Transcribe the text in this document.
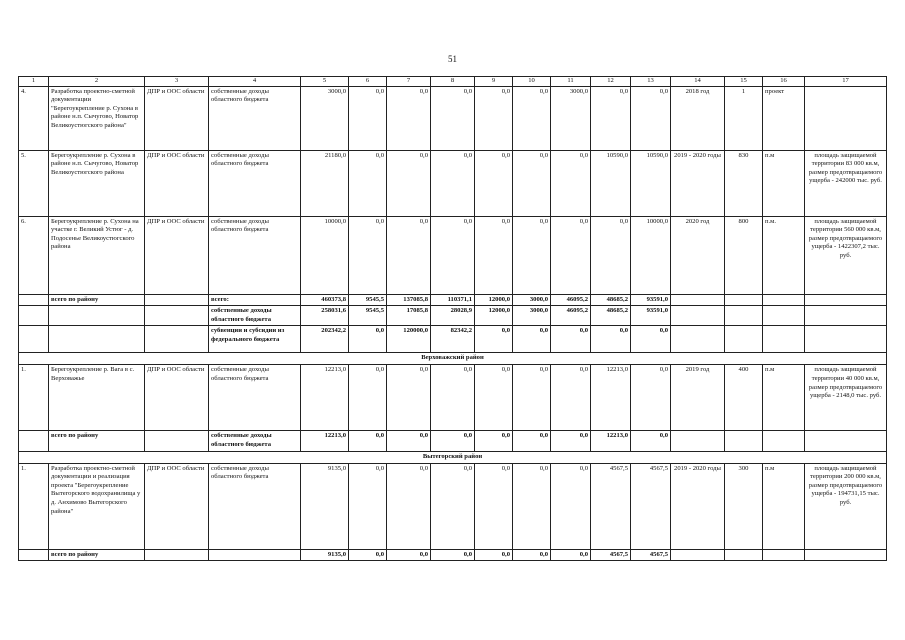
51
1	2	3	4	5	6	7	8	9	10	11	12	13	14	15	16	17
4.	Разработка проектно-сметной документации "Берегоукрепление р. Сухона в районе н.п. Сычугово, Новатор Великоустюгского района"	ДПР и ООС области	собственные доходы областного бюджета	3000,0	0,0	0,0	0,0	0,0	0,0	3000,0	0,0	0,0	2018 год	1	проект	
5.	Берегоукрепление р. Сухона в районе н.п. Сычугово, Новатор Великоустюгского района	ДПР и ООС области	собственные доходы областного бюджета	21180,0	0,0	0,0	0,0	0,0	0,0	0,0	10590,0	10590,0	2019 - 2020 годы	830	п.м	площадь защищаемой территории 83 000 кв.м, размер предотвращаемого ущерба - 242000 тыс. руб.
6.	Берегоукрепление р. Сухона на участке г. Великий Устюг - д. Подосенье Великоустюгского района	ДПР и ООС области	собственные доходы областного бюджета	10000,0	0,0	0,0	0,0	0,0	0,0	0,0	0,0	10000,0	2020 год	800	п.м.	площадь защищаемой территории 560 000 кв.м, размер предотвращаемого ущерба - 1422307,2 тыс. руб.
	всего по району		всего:	460373,8	9545,5	137085,8	110371,1	12000,0	3000,0	46095,2	48685,2	93591,0				
			собственные доходы областного бюджета	258031,6	9545,5	17085,8	28028,9	12000,0	3000,0	46095,2	48685,2	93591,0				
			субвенции и субсидии из федерального бюджета	202342,2	0,0	120000,0	82342,2	0,0	0,0	0,0	0,0	0,0				
Верховажский район																
1.	Берегоукрепление р. Вага в с. Верховажье	ДПР и ООС области	собственные доходы областного бюджета	12213,0	0,0	0,0	0,0	0,0	0,0	0,0	12213,0	0,0	2019 год	400	п.м	площадь защищаемой территории 40 000 кв.м, размер предотвращаемого ущерба - 2148,0 тыс. руб.
	всего по району		собственные доходы областного бюджета	12213,0	0,0	0,0	0,0	0,0	0,0	0,0	12213,0	0,0				
Вытегорский район																
1.	Разработка проектно-сметной документации и реализация проекта "Берегоукрепление Вытегорского водохранилища у д. Анхимово Вытегорского района"	ДПР и ООС области	собственные доходы областного бюджета	9135,0	0,0	0,0	0,0	0,0	0,0	0,0	4567,5	4567,5	2019 - 2020 годы	300	п.м	площадь защищаемой территории 200 000 кв.м, размер предотвращаемого ущерба - 194731,15 тыс. руб.
	всего по району			9135,0	0,0	0,0	0,0	0,0	0,0	0,0	4567,5	4567,5				
